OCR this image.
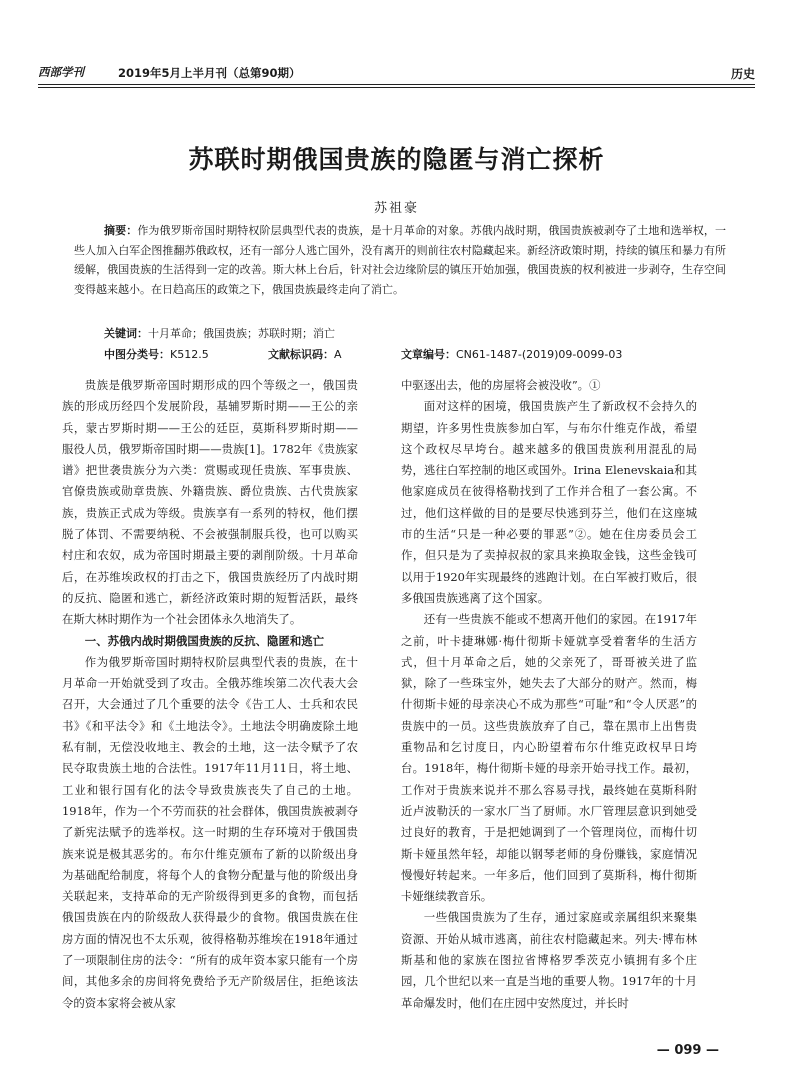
西部学刊	2019年5月上半月刊（总第90期）	历史
苏联时期俄国贵族的隐匿与消亡探析
苏祖豪
摘要：作为俄罗斯帝国时期特权阶层典型代表的贵族，是十月革命的对象。苏俄内战时期，俄国贵族被剥夺了土地和选举权，一些人加入白军企图推翻苏俄政权，还有一部分人逃亡国外，没有离开的则前往农村隐藏起来。新经济政策时期，持续的镇压和暴力有所缓解，俄国贵族的生活得到一定的改善。斯大林上台后，针对社会边缘阶层的镇压开始加强，俄国贵族的权利被进一步剥夺，生存空间变得越来越小。在日趋高压的政策之下，俄国贵族最终走向了消亡。
关键词：十月革命；俄国贵族；苏联时期；消亡
中图分类号：K512.5	文献标识码：A	文章编号：CN61-1487-(2019)09-0099-03

贵族是俄罗斯帝国时期形成的四个等级之一，俄国贵族的形成历经四个发展阶段，基辅罗斯时期——王公的亲兵，蒙古罗斯时期——王公的廷臣，莫斯科罗斯时期——服役人员，俄罗斯帝国时期——贵族[1]。1782年《贵族家谱》把世袭贵族分为六类：赏赐或现任贵族、军事贵族、官僚贵族或勋章贵族、外籍贵族、爵位贵族、古代贵族家族，贵族正式成为等级。贵族享有一系列的特权，他们摆脱了体罚、不需要纳税、不会被强制服兵役，也可以购买村庄和农奴，成为帝国时期最主要的剥削阶级。十月革命后，在苏维埃政权的打击之下，俄国贵族经历了内战时期的反抗、隐匿和逃亡，新经济政策时期的短暂活跃，最终在斯大林时期作为一个社会团体永久地消失了。

一、苏俄内战时期俄国贵族的反抗、隐匿和逃亡

作为俄罗斯帝国时期特权阶层典型代表的贵族，在十月革命一开始就受到了攻击。全俄苏维埃第二次代表大会召开，大会通过了几个重要的法令《告工人、士兵和农民书》《和平法令》和《土地法令》。土地法令明确废除土地私有制，无偿没收地主、教会的土地，这一法令赋予了农民夺取贵族土地的合法性。1917年11月11日，将土地、工业和银行国有化的法令导致贵族丧失了自己的土地。1918年，作为一个不劳而获的社会群体，俄国贵族被剥夺了新宪法赋予的选举权。这一时期的生存环境对于俄国贵族来说是极其恶劣的。布尔什维克颁布了新的以阶级出身为基础配给制度，将每个人的食物分配量与他的阶级出身关联起来，支持革命的无产阶级得到更多的食物，而包括俄国贵族在内的阶级敌人获得最少的食物。俄国贵族在住房方面的情况也不太乐观，彼得格勒苏维埃在1918年通过了一项限制住房的法令：“所有的成年资本家只能有一个房间，其他多余的房间将免费给予无产阶级居住，拒绝该法令的资本家将会被从家

中驱逐出去，他的房屋将会被没收”。①

面对这样的困境，俄国贵族产生了新政权不会持久的期望，许多男性贵族参加白军，与布尔什维克作战，希望这个政权尽早垮台。越来越多的俄国贵族利用混乱的局势，逃往白军控制的地区或国外。Irina Elenevskaia和其他家庭成员在彼得格勒找到了工作并合租了一套公寓。不过，他们这样做的目的是要尽快逃到芬兰，他们在这座城市的生活“只是一种必要的罪恶”②。她在住房委员会工作，但只是为了卖掉叔叔的家具来换取金钱，这些金钱可以用于1920年实现最终的逃跑计划。在白军被打败后，很多俄国贵族逃离了这个国家。

还有一些贵族不能或不想离开他们的家园。在1917年之前，叶卡捷琳娜·梅什彻斯卡娅就享受着奢华的生活方式，但十月革命之后，她的父亲死了，哥哥被关进了监狱，除了一些珠宝外，她失去了大部分的财产。然而，梅什彻斯卡娅的母亲决心不成为那些“可耻”和“令人厌恶”的贵族中的一员。这些贵族放弃了自己，靠在黑市上出售贵重物品和乞讨度日，内心盼望着布尔什维克政权早日垮台。1918年，梅什彻斯卡娅的母亲开始寻找工作。最初，工作对于贵族来说并不那么容易寻找，最终她在莫斯科附近卢波勒沃的一家水厂当了厨师。水厂管理层意识到她受过良好的教育，于是把她调到了一个管理岗位，而梅什切斯卡娅虽然年轻，却能以钢琴老师的身份赚钱，家庭情况慢慢好转起来。一年多后，他们回到了莫斯科，梅什彻斯卡娅继续教音乐。

一些俄国贵族为了生存，通过家庭或亲属组织来聚集资源、开始从城市逃离，前往农村隐藏起来。列夫·博布林斯基和他的家族在图拉省博格罗季茨克小镇拥有多个庄园，几个世纪以来一直是当地的重要人物。1917年的十月革命爆发时，他们在庄园中安然度过，并长时

— 099 —
